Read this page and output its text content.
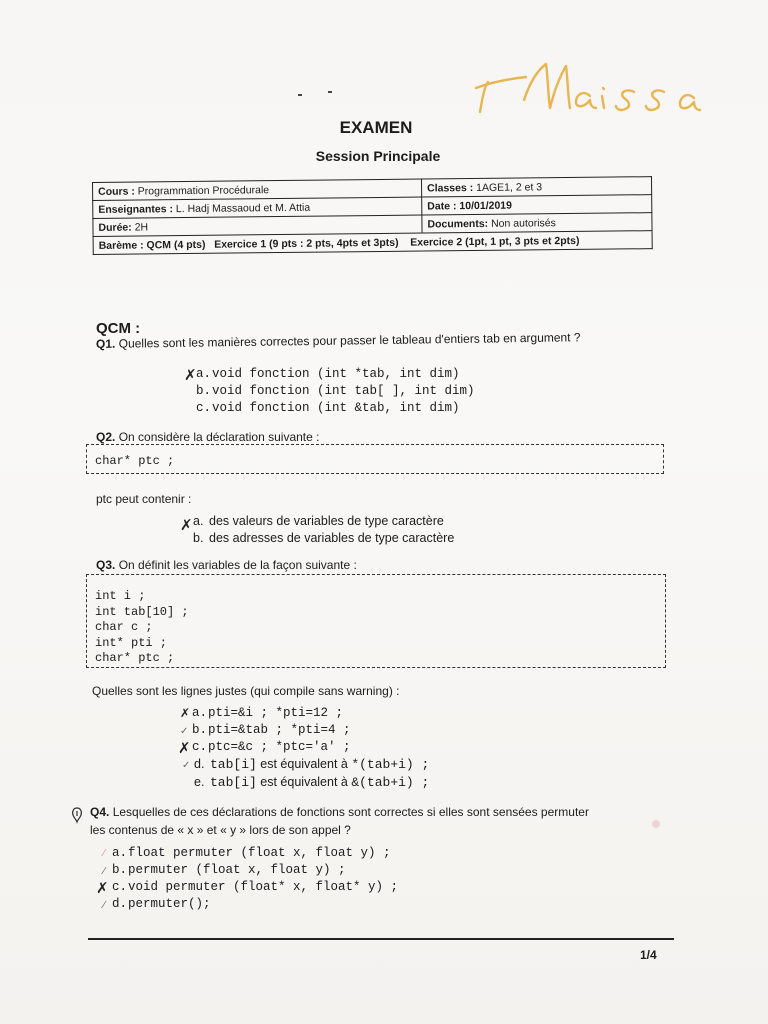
EXAMEN
Session Principale
Cours : Programmation Procédurale	Classes : 1AGE1, 2 et 3
Enseignantes : L. Hadj Massaoud et M. Attia	Date : 10/01/2019
Durée: 2H	Documents: Non autorisés
Barème : QCM (4 pts)   Exercice 1 (9 pts : 2 pts, 4pts et 3pts)    Exercice 2 (1pt, 1 pt, 3 pts et 2pts)	
QCM :
Q1. Quelles sont les manières correctes pour passer le tableau d'entiers tab en argument ?
✗ a.void fonction (int *tab, int dim)
b.void fonction (int tab[ ], int dim)
c.void fonction (int &tab, int dim)
Q2. On considère la déclaration suivante :
char* ptc ;
ptc peut contenir :
✗ a. des valeurs de variables de type caractère
b. des adresses de variables de type caractère
Q3. On définit les variables de la façon suivante :
int i ;
int tab[10] ;
char c ;
int* pti ;
char* ptc ;
Quelles sont les lignes justes (qui compile sans warning) :
✗ a.pti=&i ; *pti=12 ;
✓ b.pti=&tab ; *pti=4 ;
✗ c.ptc=&c ; *ptc='a' ;
✓ d. tab[i] est équivalent à *(tab+i) ;
e. tab[i] est équivalent à &(tab+i) ;
Q4. Lesquelles de ces déclarations de fonctions sont correctes si elles sont sensées permuter
les contenus de « x » et « y » lors de son appel ?
⁄ a.float permuter (float x, float y) ;
⁄ b.permuter (float x, float y) ;
✗ c.void permuter (float* x, float* y) ;
⁄ d.permuter();
1/4
